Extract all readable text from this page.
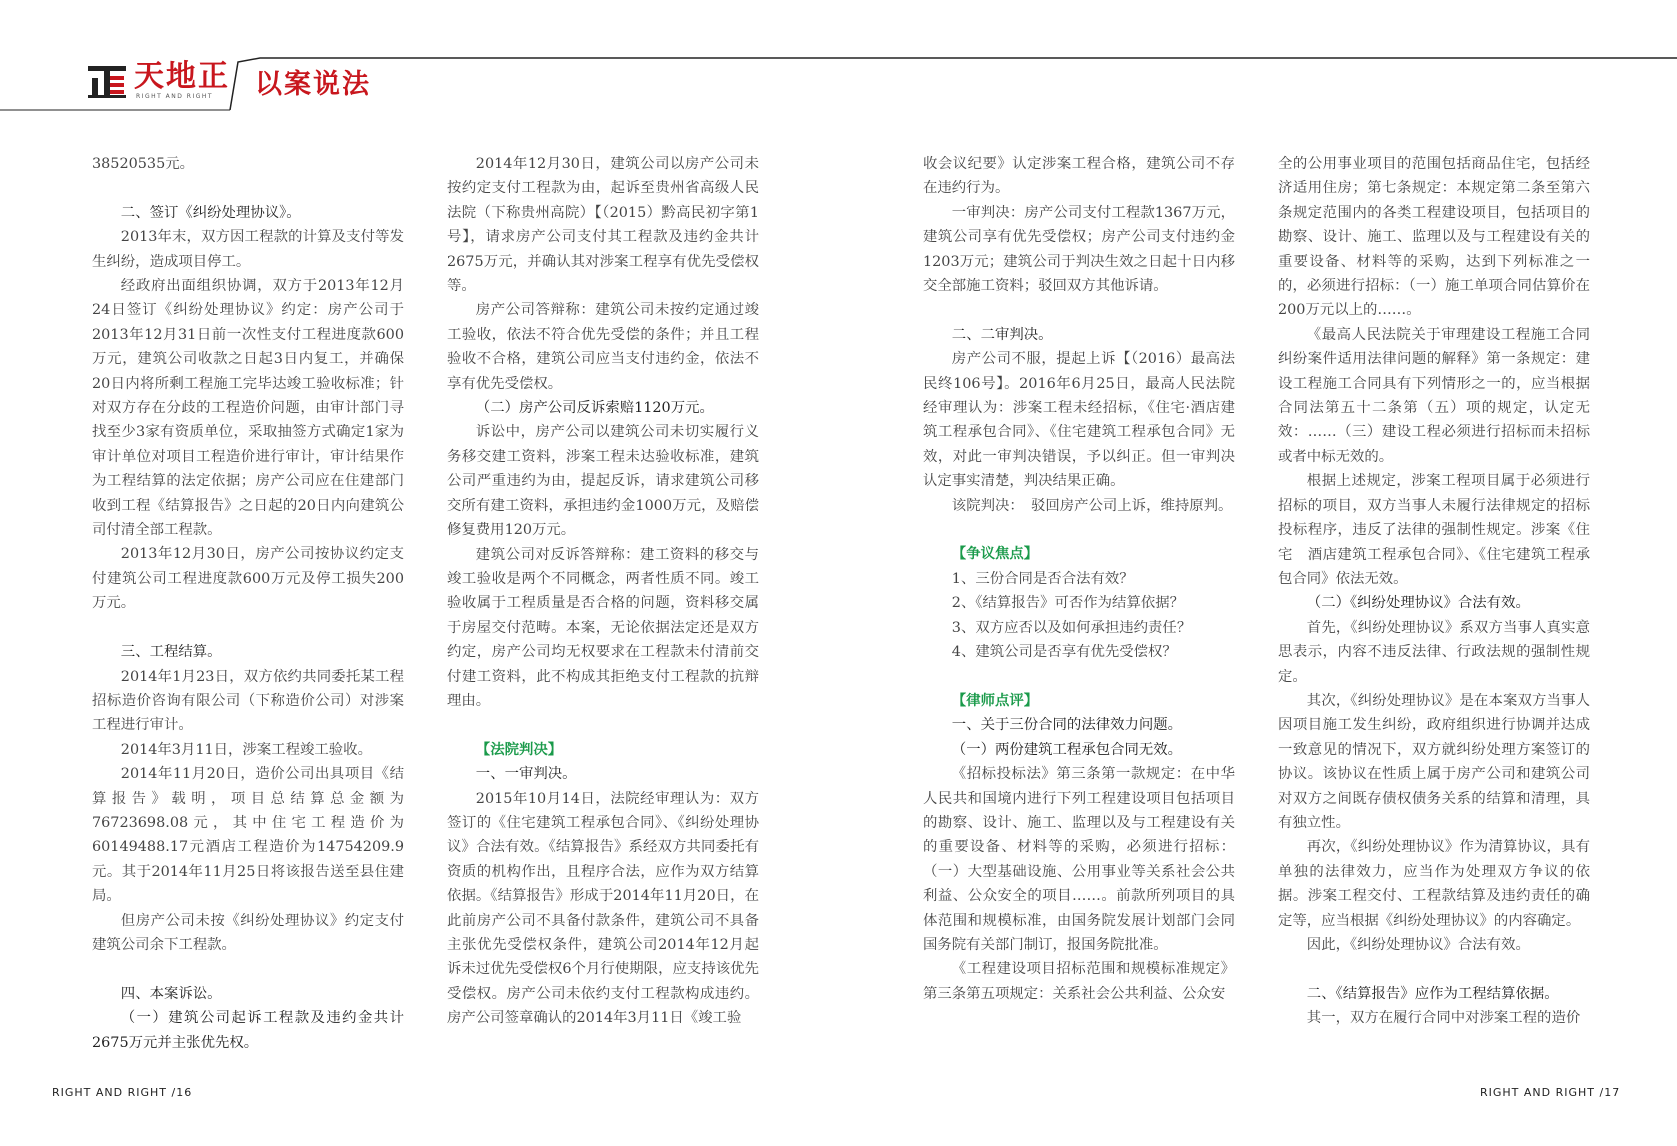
天地正
RIGHT AND RIGHT 以案说法

38520535元。

二、签订《纠纷处理协议》。

2013年末，双方因工程款的计算及支付等发生纠纷，造成项目停工。

经政府出面组织协调，双方于2013年12月24日签订《纠纷处理协议》约定：房产公司于2013年12月31日前一次性支付工程进度款600万元，建筑公司收款之日起3日内复工，并确保20日内将所剩工程施工完毕达竣工验收标准；针对双方存在分歧的工程造价问题，由审计部门寻找至少3家有资质单位，采取抽签方式确定1家为审计单位对项目工程造价进行审计，审计结果作为工程结算的法定依据；房产公司应在住建部门收到工程《结算报告》之日起的20日内向建筑公司付清全部工程款。

2013年12月30日，房产公司按协议约定支付建筑公司工程进度款600万元及停工损失200万元。

三、工程结算。

2014年1月23日，双方依约共同委托某工程招标造价咨询有限公司（下称造价公司）对涉案工程进行审计。

2014年3月11日，涉案工程竣工验收。

2014年11月20日，造价公司出具项目《结算报告》载明，项目总结算总金额为76723698.08元，其中住宅工程造价为60149488.17元酒店工程造价为14754209.9元。其于2014年11月25日将该报告送至县住建局。

但房产公司未按《纠纷处理协议》约定支付建筑公司余下工程款。

四、本案诉讼。

（一）建筑公司起诉工程款及违约金共计2675万元并主张优先权。

2014年12月30日，建筑公司以房产公司未按约定支付工程款为由，起诉至贵州省高级人民法院（下称贵州高院）【（2015）黔高民初字第1号】，请求房产公司支付其工程款及违约金共计2675万元，并确认其对涉案工程享有优先受偿权等。

房产公司答辩称：建筑公司未按约定通过竣工验收，依法不符合优先受偿的条件；并且工程验收不合格，建筑公司应当支付违约金，依法不享有优先受偿权。

（二）房产公司反诉索赔1120万元。

诉讼中，房产公司以建筑公司未切实履行义务移交建工资料，涉案工程未达验收标准，建筑公司严重违约为由，提起反诉，请求建筑公司移交所有建工资料，承担违约金1000万元，及赔偿修复费用120万元。

建筑公司对反诉答辩称：建工资料的移交与竣工验收是两个不同概念，两者性质不同。竣工验收属于工程质量是否合格的问题，资料移交属于房屋交付范畴。本案，无论依据法定还是双方约定，房产公司均无权要求在工程款未付清前交付建工资料，此不构成其拒绝支付工程款的抗辩理由。

【法院判决】

一、一审判决。

2015年10月14日，法院经审理认为：双方签订的《住宅建筑工程承包合同》、《纠纷处理协议》合法有效。《结算报告》系经双方共同委托有资质的机构作出，且程序合法，应作为双方结算依据。《结算报告》形成于2014年11月20日，在此前房产公司不具备付款条件，建筑公司不具备主张优先受偿权条件，建筑公司2014年12月起诉未过优先受偿权6个月行使期限，应支持该优先受偿权。房产公司未依约支付工程款构成违约。房产公司签章确认的2014年3月11日《竣工验

收会议纪要》认定涉案工程合格，建筑公司不存在违约行为。

一审判决：房产公司支付工程款1367万元，建筑公司享有优先受偿权；房产公司支付违约金1203万元；建筑公司于判决生效之日起十日内移交全部施工资料；驳回双方其他诉请。

二、二审判决。

房产公司不服，提起上诉【（2016）最高法民终106号】。2016年6月25日，最高人民法院经审理认为：涉案工程未经招标，《住宅·酒店建筑工程承包合同》、《住宅建筑工程承包合同》无效，对此一审判决错误，予以纠正。但一审判决认定事实清楚，判决结果正确。

该院判决：　驳回房产公司上诉，维持原判。

【争议焦点】

1、三份合同是否合法有效？

2、《结算报告》可否作为结算依据？

3、双方应否以及如何承担违约责任？

4、建筑公司是否享有优先受偿权？

【律师点评】

一、关于三份合同的法律效力问题。

（一）两份建筑工程承包合同无效。

《招标投标法》第三条第一款规定：在中华人民共和国境内进行下列工程建设项目包括项目的勘察、设计、施工、监理以及与工程建设有关的重要设备、材料等的采购，必须进行招标：（一）大型基础设施、公用事业等关系社会公共利益、公众安全的项目……。前款所列项目的具体范围和规模标准，由国务院发展计划部门会同国务院有关部门制订，报国务院批准。

《工程建设项目招标范围和规模标准规定》第三条第五项规定：关系社会公共利益、公众安

全的公用事业项目的范围包括商品住宅，包括经济适用住房；第七条规定：本规定第二条至第六条规定范围内的各类工程建设项目，包括项目的勘察、设计、施工、监理以及与工程建设有关的重要设备、材料等的采购，达到下列标准之一的，必须进行招标：（一）施工单项合同估算价在200万元以上的……。

《最高人民法院关于审理建设工程施工合同纠纷案件适用法律问题的解释》第一条规定：建设工程施工合同具有下列情形之一的，应当根据合同法第五十二条第（五）项的规定，认定无效：……（三）建设工程必须进行招标而未招标或者中标无效的。

根据上述规定，涉案工程项目属于必须进行招标的项目，双方当事人未履行法律规定的招标投标程序，违反了法律的强制性规定。涉案《住宅　酒店建筑工程承包合同》、《住宅建筑工程承包合同》依法无效。

（二）《纠纷处理协议》合法有效。

首先，《纠纷处理协议》系双方当事人真实意思表示，内容不违反法律、行政法规的强制性规定。

其次，《纠纷处理协议》是在本案双方当事人因项目施工发生纠纷，政府组织进行协调并达成一致意见的情况下，双方就纠纷处理方案签订的协议。该协议在性质上属于房产公司和建筑公司对双方之间既存债权债务关系的结算和清理，具有独立性。

再次，《纠纷处理协议》作为清算协议，具有单独的法律效力，应当作为处理双方争议的依据。涉案工程交付、工程款结算及违约责任的确定等，应当根据《纠纷处理协议》的内容确定。

因此，《纠纷处理协议》合法有效。

二、《结算报告》应作为工程结算依据。

其一，双方在履行合同中对涉案工程的造价

RIGHT AND RIGHT /16	RIGHT AND RIGHT /17
